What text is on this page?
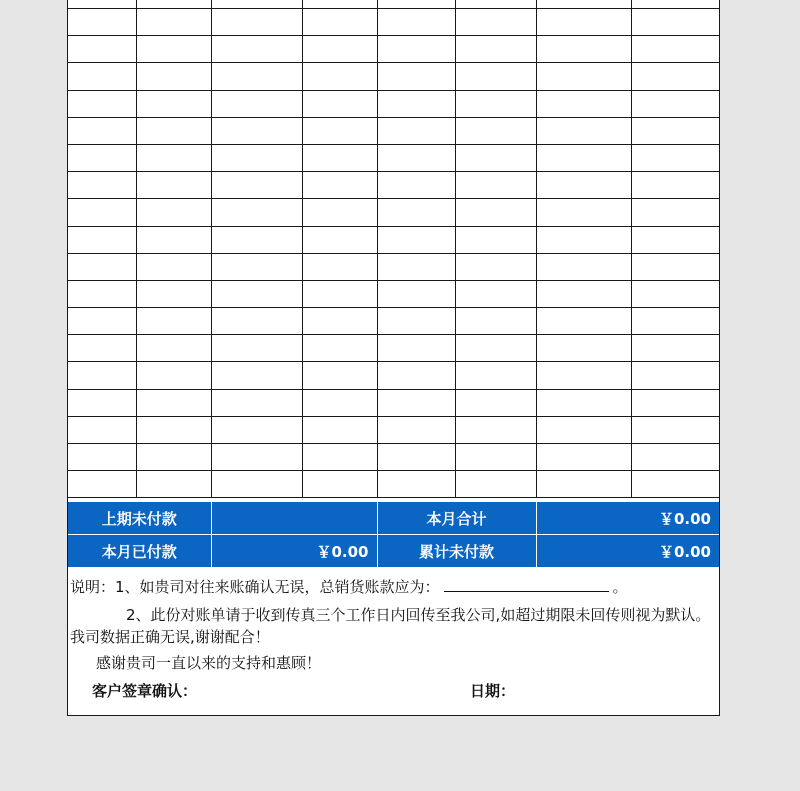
上期未付款		本月合计	￥0.00
本月已付款	￥0.00	累计未付款	￥0.00
说明：1、如贵司对往来账确认无误，总销货账款应为：	。
2、此份对账单请于收到传真三个工作日内回传至我公司,如超过期限未回传则视为默认。我司数据正确无误,谢谢配合！
感谢贵司一直以来的支持和惠顾！
客户签章确认：	日期：
